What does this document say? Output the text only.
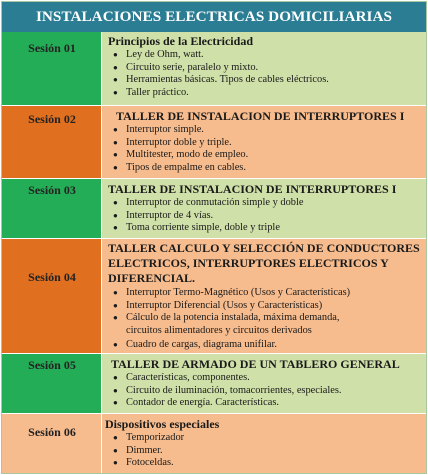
INSTALACIONES ELECTRICAS DOMICILIARIAS
Sesión 01	Principios de la Electricidad
● Ley de Ohm, watt.
● Circuito serie, paralelo y mixto.
● Herramientas básicas. Tipos de cables eléctricos.
● Taller práctico.
Sesión 02	TALLER DE INSTALACION DE INTERRUPTORES I
● Interruptor simple.
● Interruptor doble y triple.
● Multitester, modo de empleo.
● Tipos de empalme en cables.
Sesión 03	TALLER DE INSTALACION DE INTERRUPTORES I
● Interruptor de conmutación simple y doble
● Interruptor de 4 vías.
● Toma corriente simple, doble y triple
Sesión 04
TALLER CALCULO Y SELECCIÓN DE CONDUCTORES
ELECTRICOS, INTERRUPTORES ELECTRICOS Y
DIFERENCIAL.
● Interruptor Termo-Magnético (Usos y Características)
● Interruptor Diferencial (Usos y Características)
● Cálculo de la potencia instalada, máxima demanda,
circuitos alimentadores y circuitos derivados
● Cuadro de cargas, diagrama unifilar.
Sesión 05	TALLER DE ARMADO DE UN TABLERO GENERAL
● Características, componentes.
● Circuito de iluminación, tomacorrientes, especiales.
● Contador de energía. Características.
Sesión 06
Dispositivos especiales
● Temporizador
● Dimmer.
● Fotoceldas.
